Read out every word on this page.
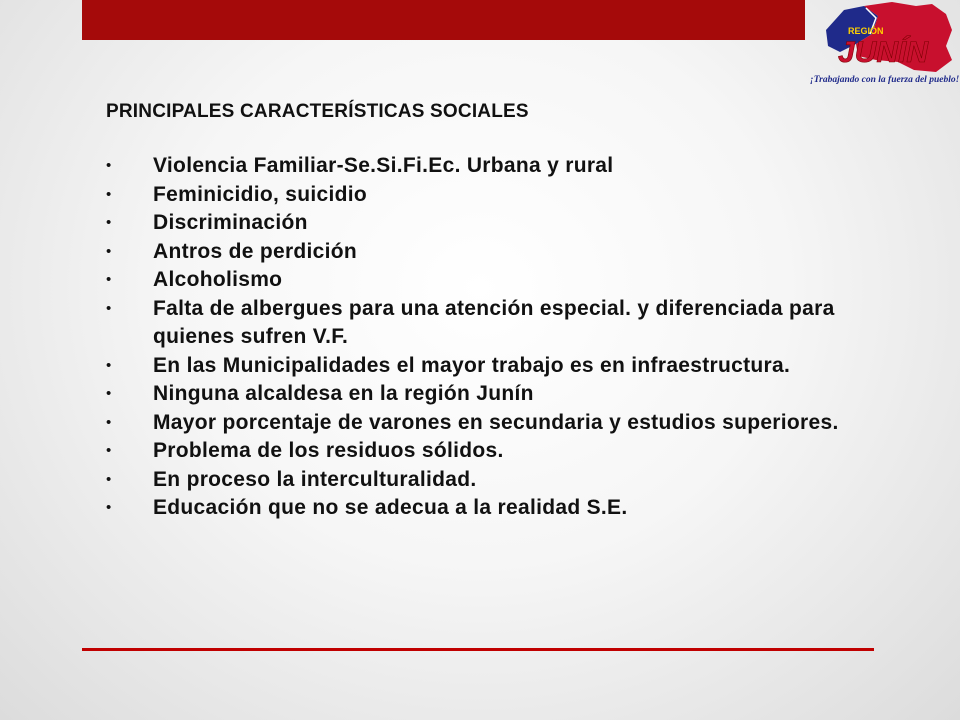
REGIÓN
JUNÍN
¡Trabajando con la fuerza del pueblo!
PRINCIPALES CARACTERÍSTICAS SOCIALES
• Violencia Familiar-Se.Si.Fi.Ec. Urbana y rural
• Feminicidio, suicidio
• Discriminación
• Antros de perdición
• Alcoholismo
• Falta de albergues para una atención especial. y diferenciada para quienes sufren V.F.
• En las Municipalidades el mayor trabajo es en infraestructura.
• Ninguna alcaldesa en la región Junín
• Mayor porcentaje de varones en secundaria y estudios superiores.
• Problema de los residuos sólidos.
• En proceso la interculturalidad.
• Educación que no se adecua a la realidad S.E.
